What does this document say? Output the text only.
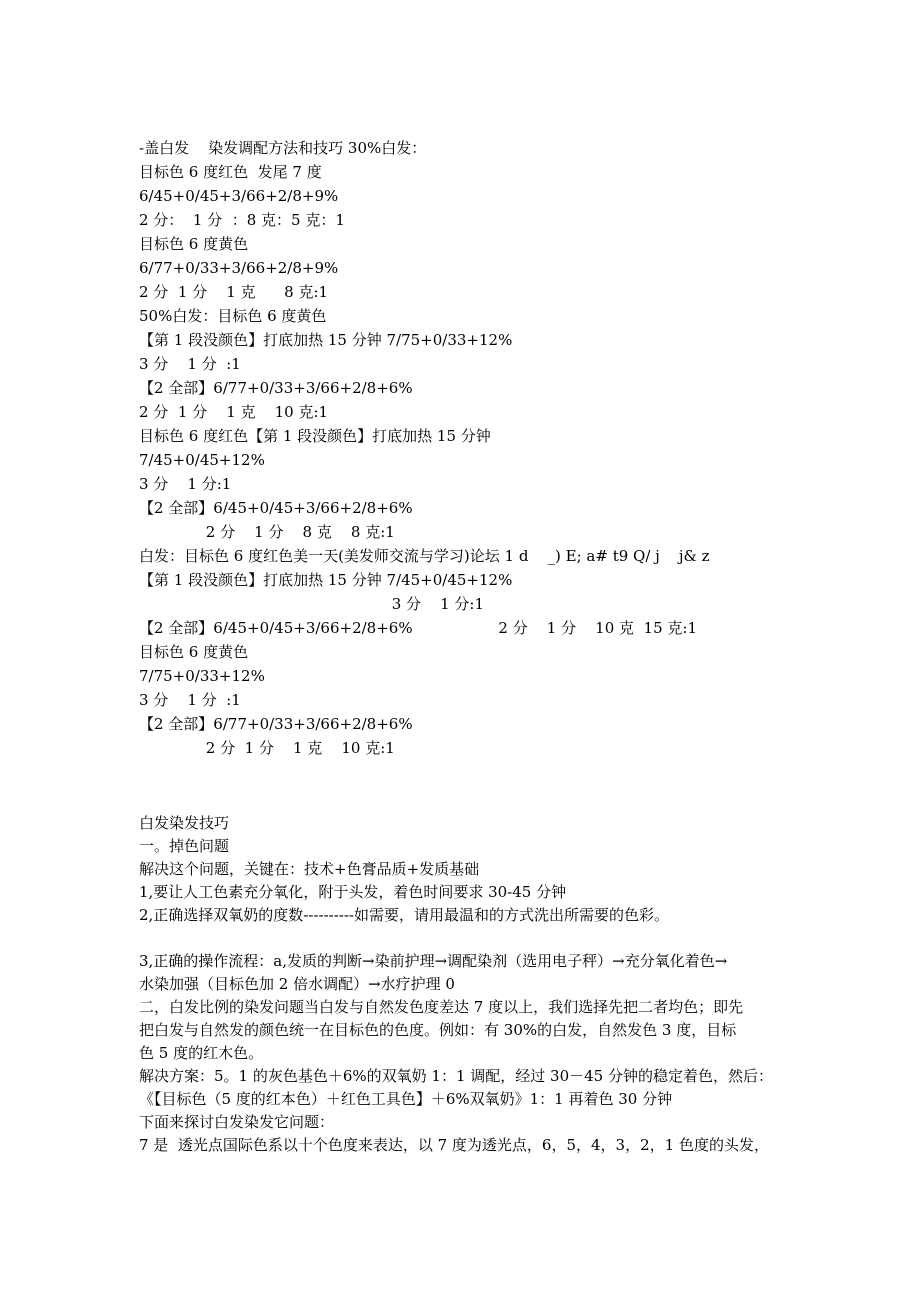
-盖白发    染发调配方法和技巧 30%白发：
目标色 6 度红色  发尾 7 度
6/45+0/45+3/66+2/8+9%
2 分：  1 分  ：8 克：5 克：1
目标色 6 度黄色
6/77+0/33+3/66+2/8+9%
2 分  1 分    1 克      8 克:1
50%白发：目标色 6 度黄色
【第 1 段没颜色】打底加热 15 分钟 7/75+0/33+12%
3 分    1 分  :1
【2 全部】6/77+0/33+3/66+2/8+6%
2 分  1 分    1 克    10 克:1
目标色 6 度红色【第 1 段没颜色】打底加热 15 分钟
7/45+0/45+12%
3 分    1 分:1
【2 全部】6/45+0/45+3/66+2/8+6%
2 分    1 分    8 克    8 克:1
白发：目标色 6 度红色美一天(美发师交流与学习)论坛 1 d    _) E; a# t9 Q/ j    j& z
【第 1 段没颜色】打底加热 15 分钟 7/45+0/45+12%
3 分    1 分:1
【2 全部】6/45+0/45+3/66+2/8+6%                  2 分    1 分    10 克  15 克:1
目标色 6 度黄色
7/75+0/33+12%
3 分    1 分  :1
【2 全部】6/77+0/33+3/66+2/8+6%
2 分  1 分    1 克    10 克:1
白发染发技巧
一。掉色问题
解决这个问题，关键在：技术+色膏品质+发质基础
1,要让人工色素充分氧化，附于头发，着色时间要求 30-45 分钟
2,正确选择双氧奶的度数----------如需要，请用最温和的方式洗出所需要的色彩。
3,正确的操作流程：a,发质的判断→染前护理→调配染剂（选用电子秤）→充分氧化着色→
水染加强（目标色加 2 倍水调配）→水疗护理 0
二，白发比例的染发问题当白发与自然发色度差达 7 度以上，我们选择先把二者均色；即先
把白发与自然发的颜色统一在目标色的色度。例如：有 30%的白发，自然发色 3 度，目标
色 5 度的红木色。
解决方案：5。1 的灰色基色＋6%的双氧奶 1：1 调配，经过 30－45 分钟的稳定着色，然后：
《【目标色（5 度的红本色）＋红色工具色】＋6%双氧奶》1：1 再着色 30 分钟
下面来探讨白发染发它问题：
7 是  透光点国际色系以十个色度来表达，以 7 度为透光点，6，5，4，3，2，1 色度的头发，
